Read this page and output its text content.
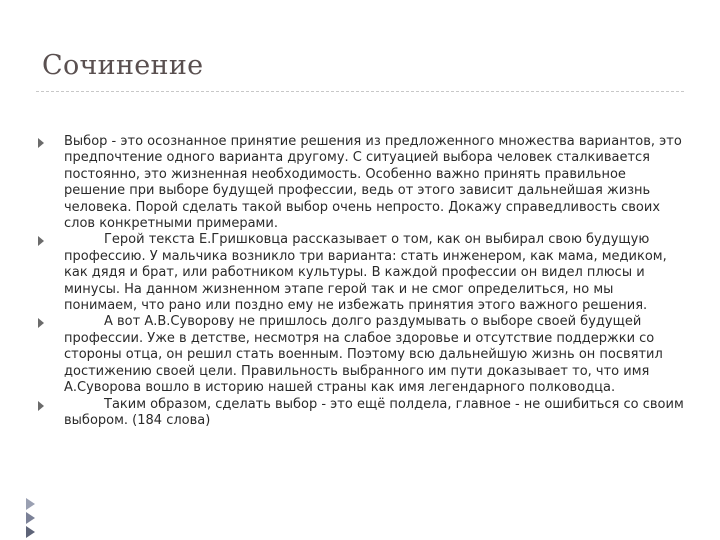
Сочинение
Выбор - это осознанное принятие решения из предложенного множества вариантов, это предпочтение одного варианта другому. С ситуацией выбора человек сталкивается постоянно, это жизненная необходимость. Особенно важно принять правильное решение при выборе будущей профессии, ведь от этого зависит дальнейшая жизнь человека. Порой сделать такой выбор очень непросто. Докажу справедливость своих слов конкретными примерами.
Герой текста Е.Гришковца рассказывает о том, как он выбирал свою будущую профессию. У мальчика возникло три варианта: стать инженером, как мама, медиком, как дядя и брат, или работником культуры. В каждой профессии он видел плюсы и минусы. На данном жизненном этапе герой так и не смог определиться, но мы понимаем, что рано или поздно ему не избежать принятия этого важного решения.
А вот А.В.Суворову не пришлось долго раздумывать о выборе своей будущей профессии. Уже в детстве, несмотря на слабое здоровье и отсутствие поддержки со стороны отца, он решил стать военным. Поэтому всю дальнейшую жизнь он посвятил достижению своей цели. Правильность выбранного им пути доказывает то, что имя А.Суворова вошло в историю нашей страны как имя легендарного полководца.
Таким образом, сделать выбор - это ещё полдела, главное - не ошибиться со своим выбором. (184 слова)
